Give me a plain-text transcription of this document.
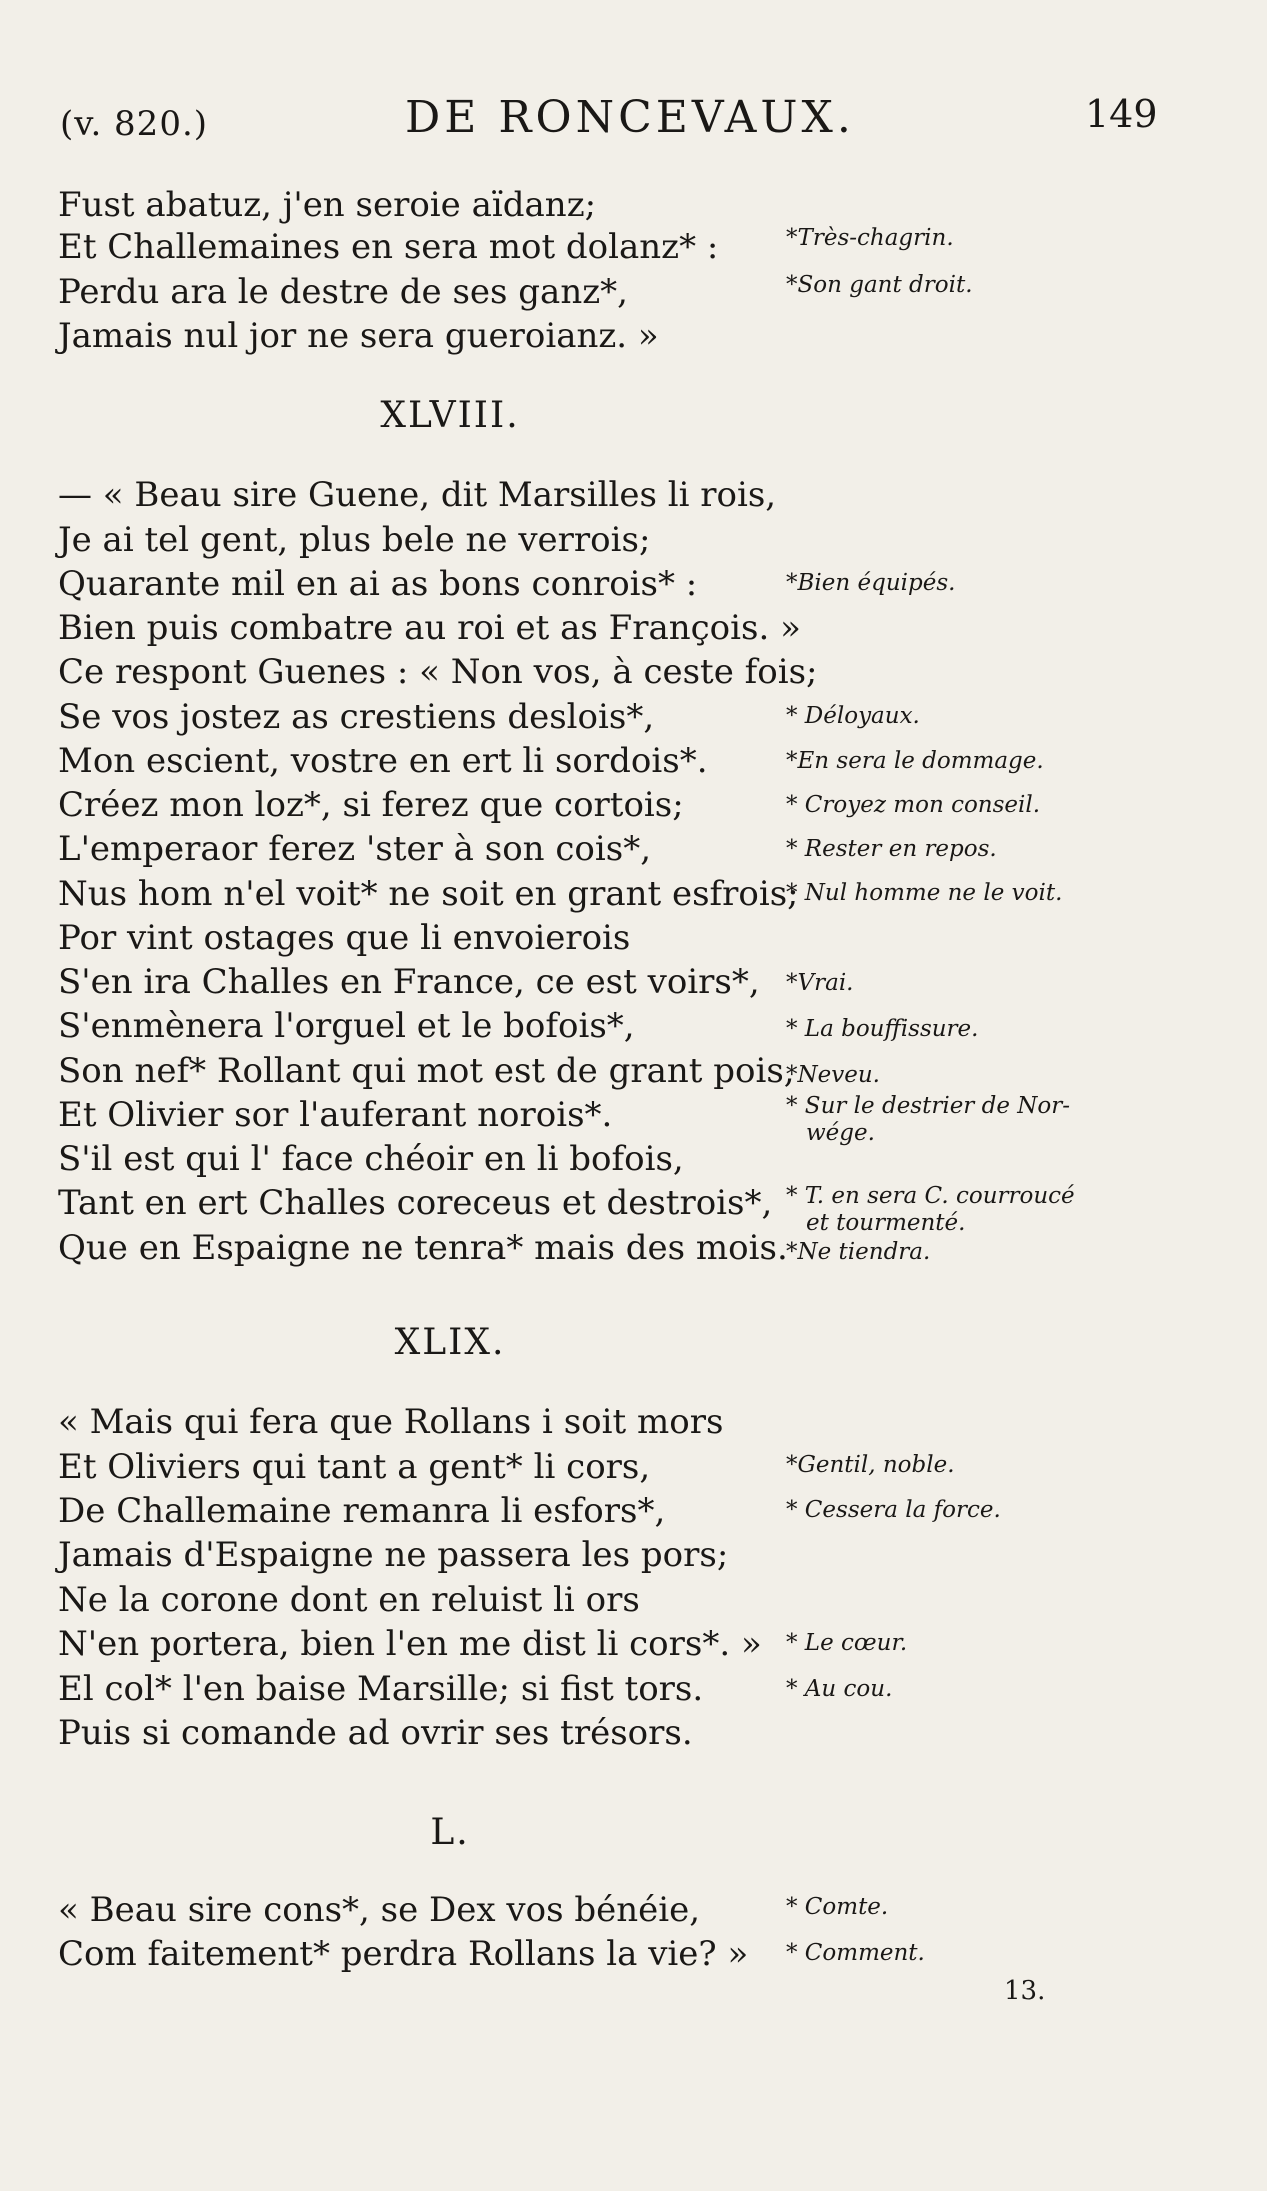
(v. 820.)	DE RONCEVAUX.	149
Fust abatuz, j'en seroie aïdanz;
Et Challemaines en sera mot dolanz* :
Perdu ara le destre de ses ganz*,
Jamais nul jor ne sera gueroianz. »
XLVIII.
— « Beau sire Guene, dit Marsilles li rois,
Je ai tel gent, plus bele ne verrois;
Quarante mil en ai as bons conrois* :
Bien puis combatre au roi et as François. »
Ce respont Guenes : « Non vos, à ceste fois;
Se vos jostez as crestiens deslois*,
Mon escient, vostre en ert li sordois*.
Créez mon loz*, si ferez que cortois;
L'emperaor ferez 'ster à son cois*,
Nus hom n'el voit* ne soit en grant esfrois;
Por vint ostages que li envoierois
S'en ira Challes en France, ce est voirs*,
S'enmènera l'orguel et le bofois*,
Son nef* Rollant qui mot est de grant pois,
Et Olivier sor l'auferant norois*.
S'il est qui l' face chéoir en li bofois,
Tant en ert Challes coreceus et destrois*,
Que en Espaigne ne tenra* mais des mois.
XLIX.
« Mais qui fera que Rollans i soit mors
Et Oliviers qui tant a gent* li cors,
De Challemaine remanra li esfors*,
Jamais d'Espaigne ne passera les pors;
Ne la corone dont en reluist li ors
N'en portera, bien l'en me dist li cors*. »
El col* l'en baise Marsille; si fist tors.
Puis si comande ad ovrir ses trésors.
L.
« Beau sire cons*, se Dex vos bénéie,
Com faitement* perdra Rollans la vie? »
*Très-chagrin.
*Son gant droit.
*Bien équipés.
* Déloyaux.
*En sera le dommage.
* Croyez mon conseil.
* Rester en repos.
* Nul homme ne le voit.
*Vrai.
* La bouffissure.
*Neveu.
* Sur le destrier de Nor-
wége.
* T. en sera C. courroucé
et tourmenté.
*Ne tiendra.
*Gentil, noble.
* Cessera la force.
* Le cœur.
* Au cou.
* Comte.
* Comment.
13.
